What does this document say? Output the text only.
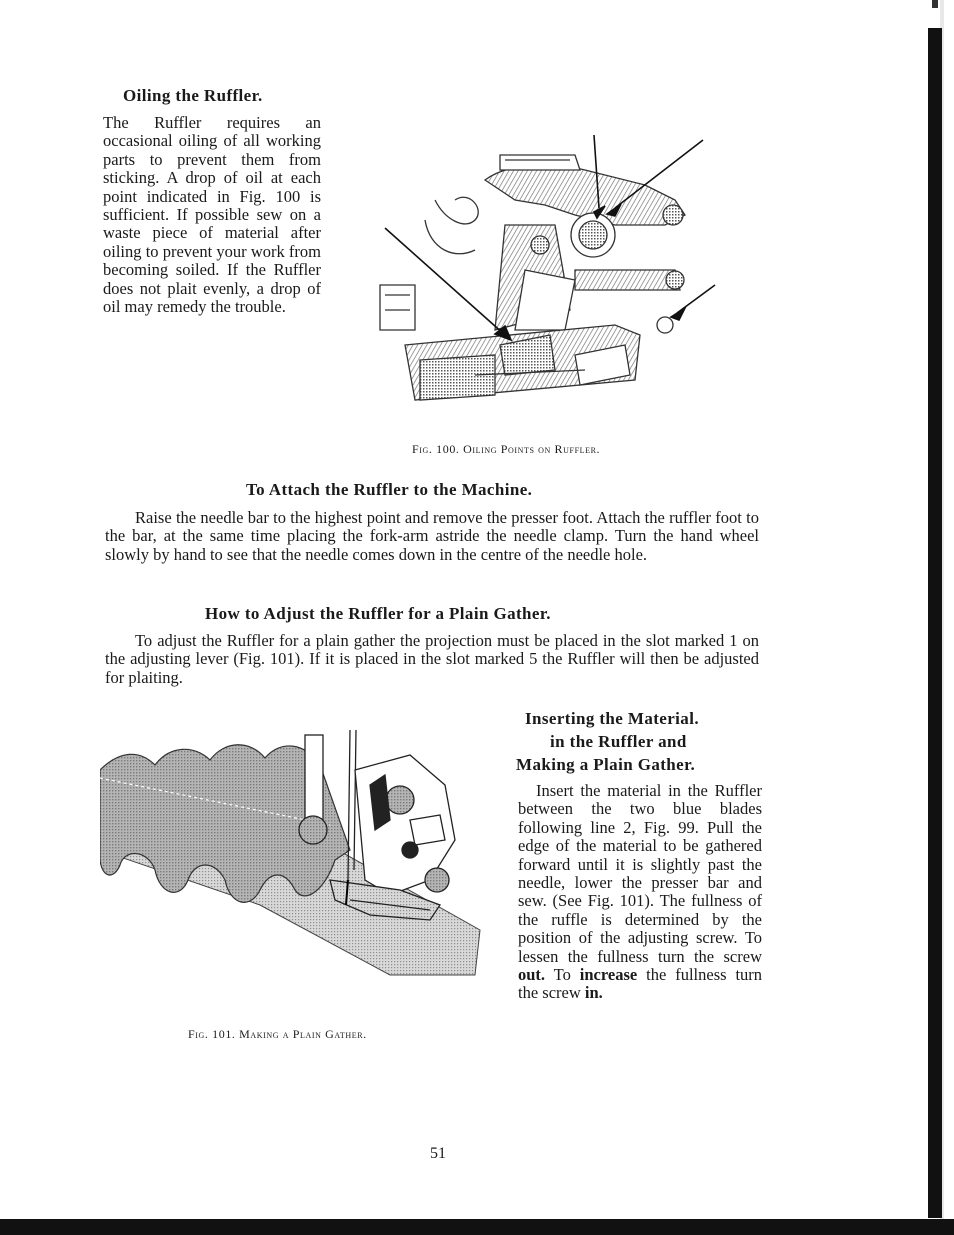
Oiling the Ruffler.

The Ruffler requires an occasional oiling of all working parts to prevent them from sticking. A drop of oil at each point indicated in Fig. 100 is sufficient. If possible sew on a waste piece of material after oiling to prevent your work from becoming soiled. If the Ruffler does not plait evenly, a drop of oil may remedy the trouble.

Fig. 100. Oiling Points on Ruffler.
To Attach the Ruffler to the Machine.

Raise the needle bar to the highest point and remove the presser foot. Attach the ruffler foot to the bar, at the same time placing the fork-arm astride the needle clamp. Turn the hand wheel slowly by hand to see that the needle comes down in the centre of the needle hole.

How to Adjust the Ruffler for a Plain Gather.

To adjust the Ruffler for a plain gather the projection must be placed in the slot marked 1 on the adjusting lever (Fig. 101). If it is placed in the slot marked 5 the Ruffler will then be adjusted for plaiting.

Fig. 101. Making a Plain Gather.
Inserting the Material.
in the Ruffler and
Making a Plain Gather.

Insert the material in the Ruffler between the two blue blades following line 2, Fig. 99. Pull the edge of the material to be gathered forward until it is slightly past the needle, lower the presser bar and sew. (See Fig. 101). The fullness of the ruffle is determined by the position of the adjusting screw. To lessen the fullness turn the screw out. To increase the fullness turn the screw in.

51
